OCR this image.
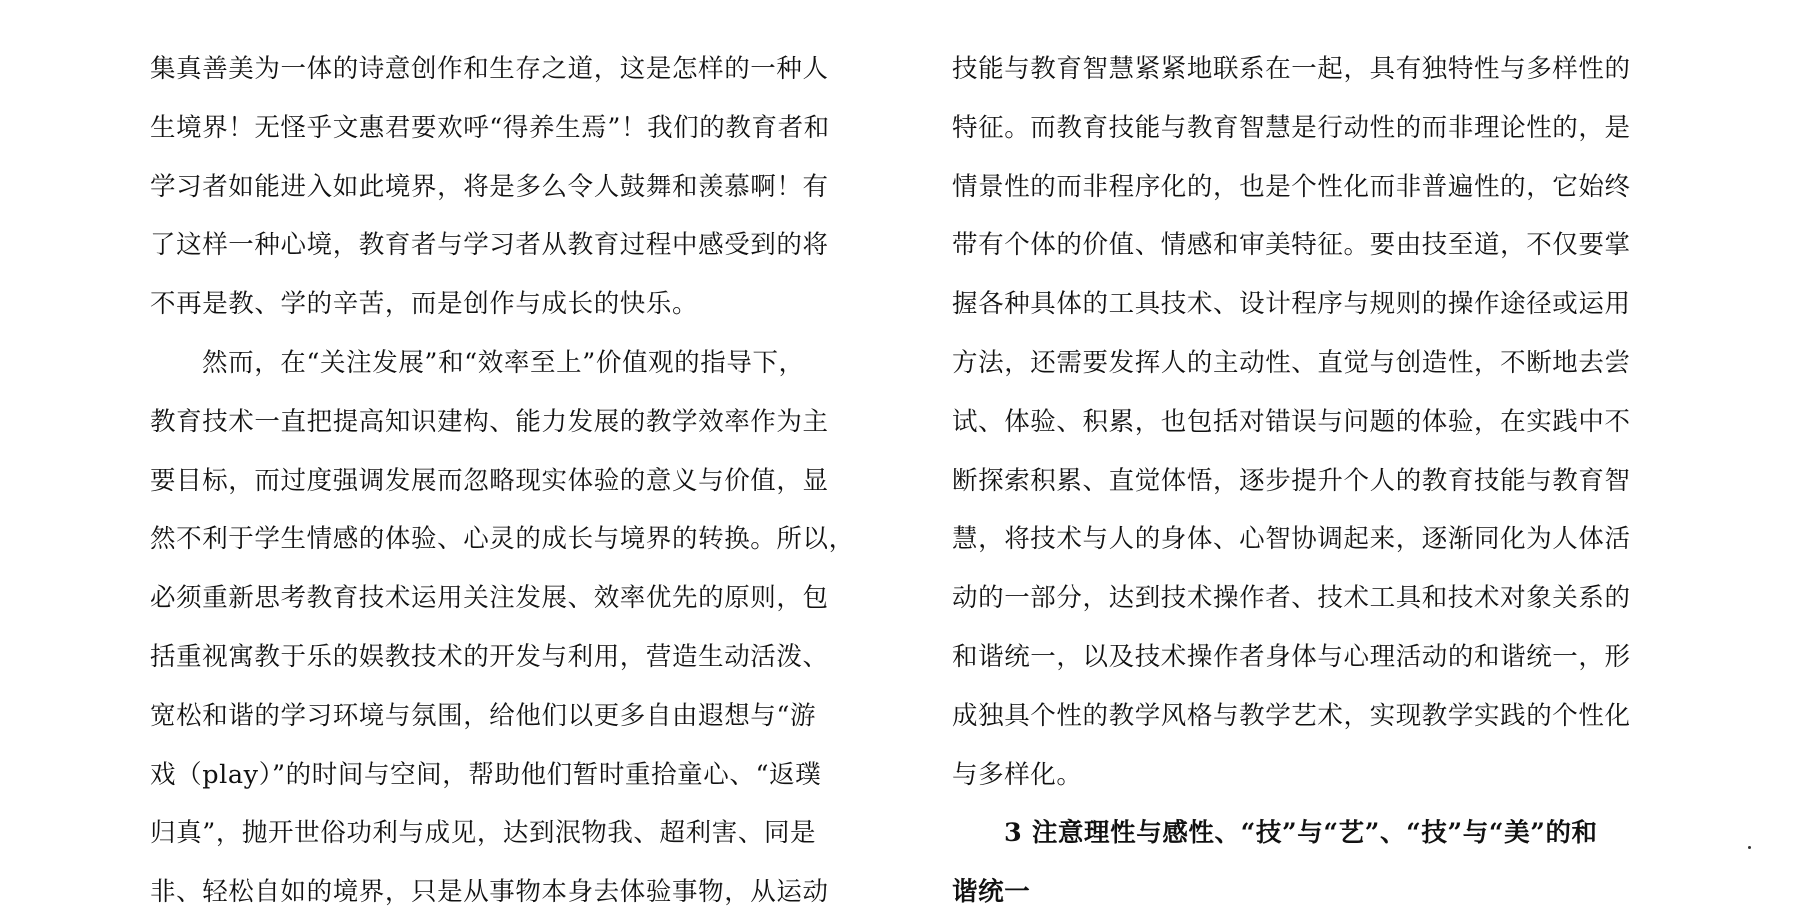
集真善美为一体的诗意创作和生存之道，这是怎样的一种人
生境界！无怪乎文惠君要欢呼“得养生焉”！我们的教育者和
学习者如能进入如此境界，将是多么令人鼓舞和羡慕啊！有
了这样一种心境，教育者与学习者从教育过程中感受到的将
不再是教、学的辛苦，而是创作与成长的快乐。
然而，在“关注发展”和“效率至上”价值观的指导下，
教育技术一直把提高知识建构、能力发展的教学效率作为主
要目标，而过度强调发展而忽略现实体验的意义与价值，显
然不利于学生情感的体验、心灵的成长与境界的转换。所以，
必须重新思考教育技术运用关注发展、效率优先的原则，包
括重视寓教于乐的娱教技术的开发与利用，营造生动活泼、
宽松和谐的学习环境与氛围，给他们以更多自由遐想与“游
戏（play）”的时间与空间，帮助他们暂时重拾童心、“返璞
归真”，抛开世俗功利与成见，达到泯物我、超利害、同是
非、轻松自如的境界，只是从事物本身去体验事物，从运动
技能与教育智慧紧紧地联系在一起，具有独特性与多样性的
特征。而教育技能与教育智慧是行动性的而非理论性的，是
情景性的而非程序化的，也是个性化而非普遍性的，它始终
带有个体的价值、情感和审美特征。要由技至道，不仅要掌
握各种具体的工具技术、设计程序与规则的操作途径或运用
方法，还需要发挥人的主动性、直觉与创造性，不断地去尝
试、体验、积累，也包括对错误与问题的体验，在实践中不
断探索积累、直觉体悟，逐步提升个人的教育技能与教育智
慧，将技术与人的身体、心智协调起来，逐渐同化为人体活
动的一部分，达到技术操作者、技术工具和技术对象关系的
和谐统一，以及技术操作者身体与心理活动的和谐统一，形
成独具个性的教学风格与教学艺术，实现教学实践的个性化
与多样化。
3 注意理性与感性、“技”与“艺”、“技”与“美”的和
谐统一
